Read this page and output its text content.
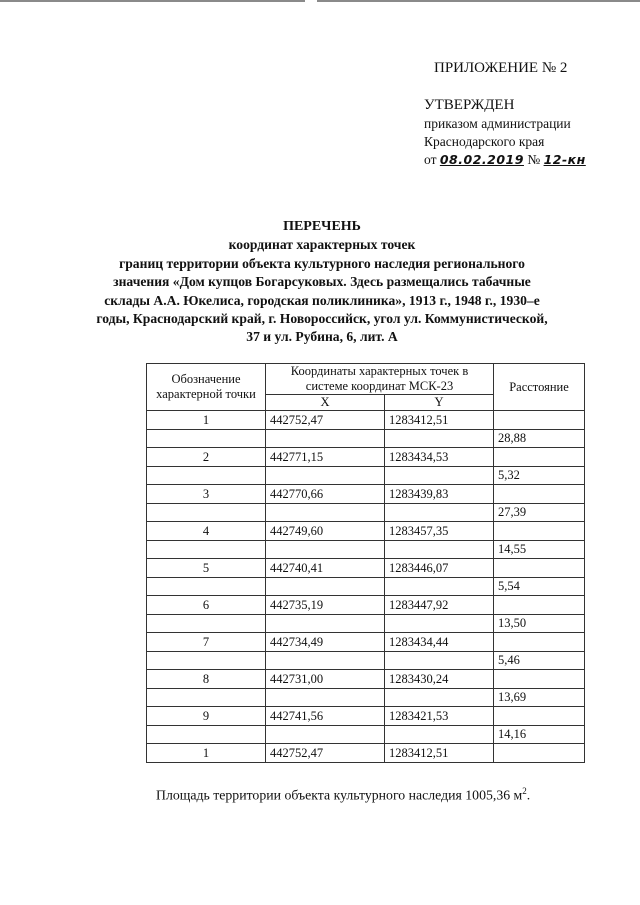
ПРИЛОЖЕНИЕ № 2
УТВЕРЖДЕН
приказом администрации
Краснодарского края
от 08.02.2019 № 12-кн
ПЕРЕЧЕНЬ
координат характерных точек
границ территории объекта культурного наследия регионального
значения «Дом купцов Богарсуковых. Здесь размещались табачные
склады А.А. Юкелиса, городская поликлиника», 1913 г., 1948 г., 1930–е
годы, Краснодарский край, г. Новороссийск, угол ул. Коммунистической,
37 и ул. Рубина, 6, лит. А
Обозначение характерной точки	Координаты характерных точек в системе координат МСК-23		Расстояние
	X	Y	
1	442752,47	1283412,51	
			28,88
2	442771,15	1283434,53	
			5,32
3	442770,66	1283439,83	
			27,39
4	442749,60	1283457,35	
			14,55
5	442740,41	1283446,07	
			5,54
6	442735,19	1283447,92	
			13,50
7	442734,49	1283434,44	
			5,46
8	442731,00	1283430,24	
			13,69
9	442741,56	1283421,53	
			14,16
1	442752,47	1283412,51	
Площадь территории объекта культурного наследия 1005,36 $м^2$.
